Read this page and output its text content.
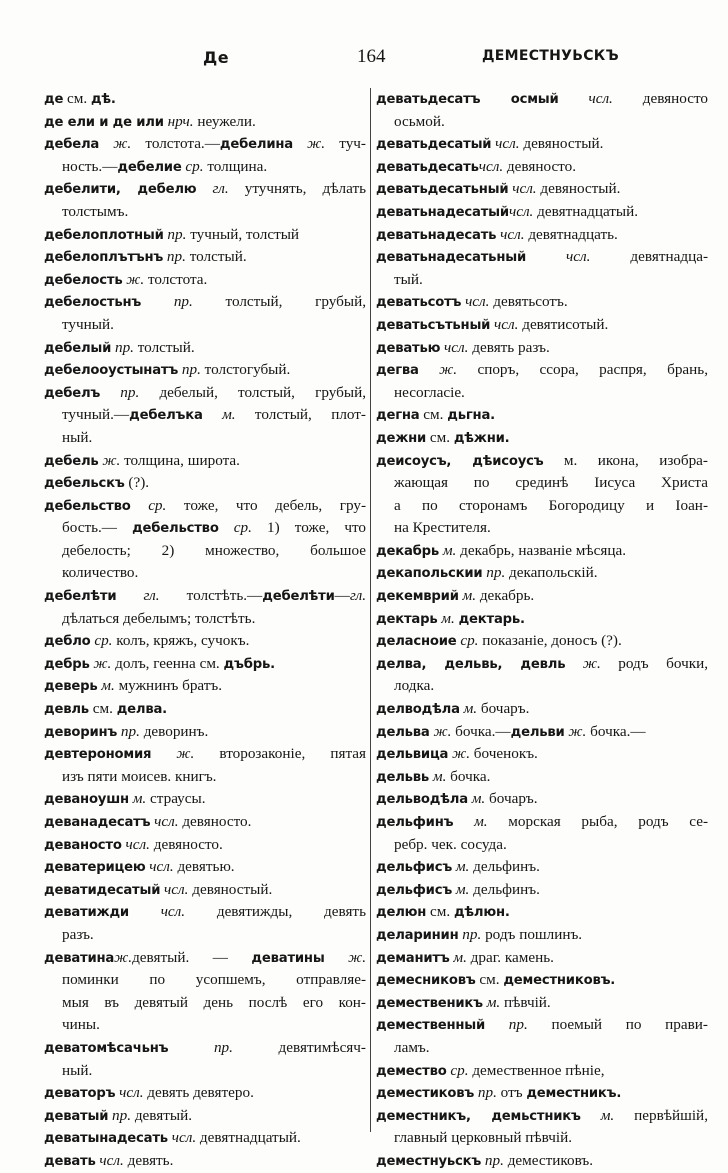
Де	164	ДЕМЕСТНУЬСКЪ
де см. дѣ.
де ели и де или нрч. неужели.
дебела ж. толстота.—дебелина ж. туч-
ность.—дебелие ср. толщина.
дебелити, дебелю гл. утучнять, дѣлать
толстымъ.
дебелоплотный пр. тучный, толстый
дебелоплътънъ пр. толстый.
дебелость ж. толстота.
дебелостьнъ пр. толстый, грубый,
тучный.
дебелый пр. толстый.
дебелооустынатъ пр. толстогубый.
дебелъ пр. дебелый, толстый, грубый,
тучный.—дебелъка м. толстый, плот-
ный.
дебель ж. толщина, широта.
дебельскъ (?).
дебельство ср. тоже, что дебель, гру-
бость.— дебельство ср. 1) тоже, что
дебелость; 2) множество, большое
количество.
дебелѣти гл. толстѣть.—дебелѣти—гл.
дѣлаться дебелымъ; толстѣть.
дебло ср. колъ, кряжъ, сучокъ.
дебрь ж. долъ, геенна см. дъбрь.
деверь м. мужнинъ братъ.
девль см. делва.
деворинъ пр. деворинъ.
девтерономия ж. второзаконіе, пятая
изъ пяти моисев. книгъ.
деваноушн м. страусы.
деванадесатъ чсл. девяносто.
деваносто чсл. девяносто.
деватерицею чсл. девятью.
деватидесатый чсл. девяностый.
деватижди чсл. девятижды, девять
разъ.
деватинаж.девятый. — деватины ж.
поминки по усопшемъ, отправляе-
мыя въ девятый день послѣ его кон-
чины.
деватомѣсачьнъ	пр. девятимѣсяч-
ный.
деваторъ чсл. девять девятеро.
деватый пр. девятый.
деватынадесать чсл. девятнадцатый.
девать чсл. девять.
деватьдесатъ осмый чсл. девяносто
осьмой.
деватьдесатый чсл. девяностый.
деватьдесатьчсл. девяносто.
деватьдесатьный чсл. девяностый.
деватьнадесатыйчсл. девятнадцатый.
деватьнадесать чсл. девятнадцать.
деватьнадесатьный	чсл. девятнадца-
тый.
деватьсотъ чсл. девятьсотъ.
деватьсътьный чсл. девятисотый.
деватью чсл. девять разъ.
дегва ж. споръ, ссора, распря, брань,
несогласіе.
дегна см. дьгна.
дежни см. дѣжни.
деисоусъ, дѣисоусъ м. икона, изобра-
жающая по срединѣ Іисуса Христа
а по сторонамъ Богородицу и Іоан-
на Крестителя.
декабрь м. декабрь, названіе мѣсяца.
декапольскии пр. декапольскій.
декемврий м. декабрь.
дектарь м. дектарь.
деласноие ср. показаніе, доносъ (?).
делва, дельвь, девль ж. родъ бочки,
лодка.
делводѣла м. бочаръ.
дельва ж. бочка.—дельви ж. бочка.—
дельвица ж. боченокъ.
дельвь м. бочка.
дельводѣла м. бочаръ.
дельфинъ м. морская рыба, родъ се-
ребр. чек. сосуда.
дельфисъ м. дельфинъ.
дельфисъ м. дельфинъ.
делюн см. дѣлюн.
деларинин пр. родъ пошлинъ.
деманитъ м. драг. камень.
демесниковъ см. деместниковъ.
демественикъ м. пѣвчій.
демественный пр. поемый по прави-
ламъ.
демество ср. демественное пѣніе,
деместиковъ пр. отъ деместникъ.
деместникъ, демьстникъ м. первѣйшій,
главный церковный пѣвчій.
деместнуьскъ пр. деместиковъ.
